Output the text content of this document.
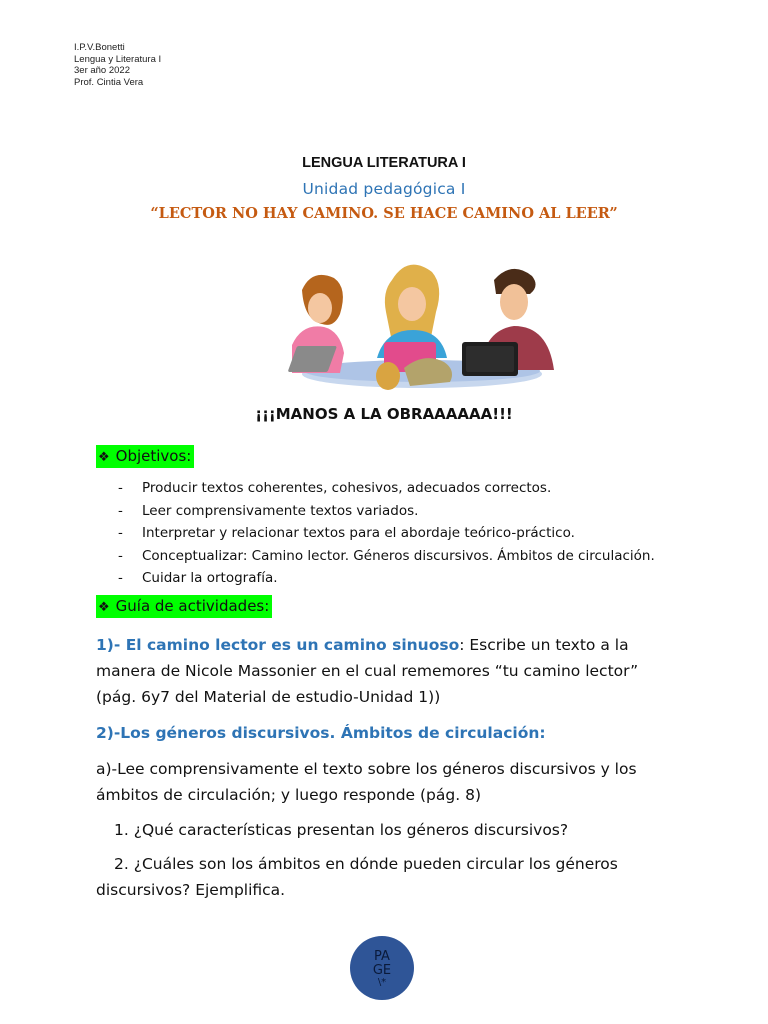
I.P.V.Bonetti
Lengua y Literatura I
3er año 2022
Prof. Cintia Vera
LENGUA LITERATURA I
Unidad pedagógica I
“LECTOR NO HAY CAMINO. SE HACE CAMINO AL LEER”
¡¡¡MANOS A LA OBRAAAAAA!!!
❖ Objetivos:
- Producir textos coherentes, cohesivos, adecuados correctos.
- Leer comprensivamente textos variados.
- Interpretar y relacionar textos para el abordaje teórico-práctico.
- Conceptualizar: Camino lector. Géneros discursivos. Ámbitos de circulación.
- Cuidar la ortografía.
❖ Guía de actividades:
1)- El camino lector es un camino sinuoso: Escribe un texto a la manera de Nicole Massonier en el cual rememores “tu camino lector” (pág. 6y7 del Material de estudio-Unidad 1))
2)-Los géneros discursivos. Ámbitos de circulación:
a)-Lee comprensivamente el texto sobre los géneros discursivos y los ámbitos de circulación; y luego responde (pág. 8)
1. ¿Qué características presentan los géneros discursivos?
2. ¿Cuáles son los ámbitos en dónde pueden circular los géneros discursivos? Ejemplifica.
PA
GE
\*
